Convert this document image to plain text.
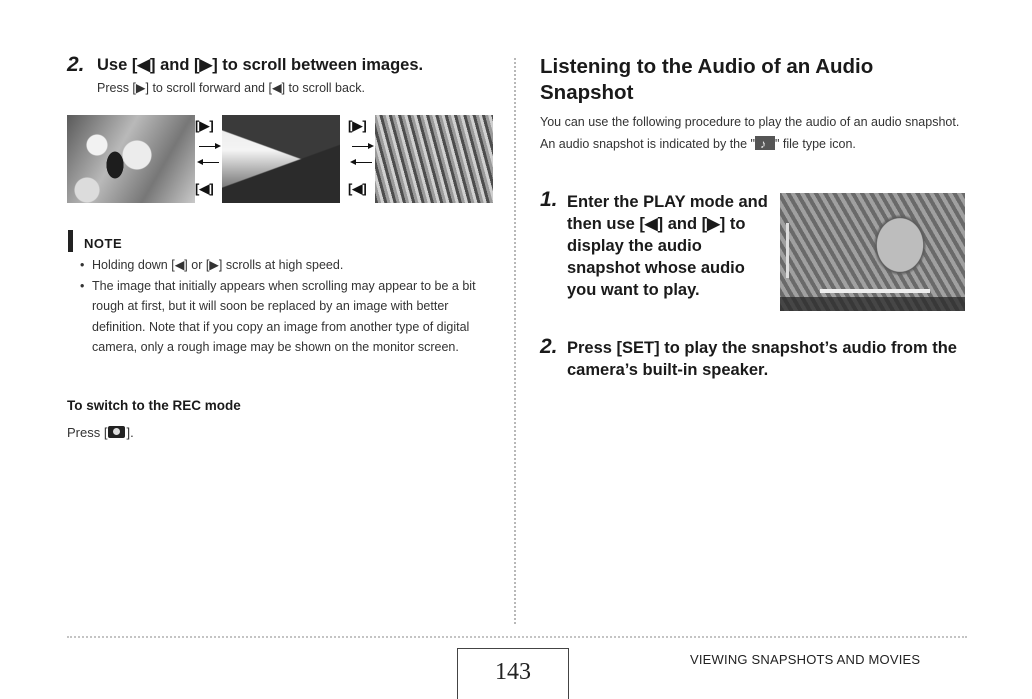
2. Use [◀] and [▶] to scroll between images.
Press [▶] to scroll forward and [◀] to scroll back.
[▶]
[◀]
[▶]
[◀]
NOTE
• Holding down [◀] or [▶] scrolls at high speed.
• The image that initially appears when scrolling may appear to be a bit rough at first, but it will soon be replaced by an image with better definition. Note that if you copy an image from another type of digital camera, only a rough image may be shown on the monitor screen.
To switch to the REC mode
Press [ ].
Listening to the Audio of an Audio Snapshot
You can use the following procedure to play the audio of an audio snapshot. An audio snapshot is indicated by the "♪ " file type icon.
1. Enter the PLAY mode and then use [◀] and [▶] to display the audio snapshot whose audio you want to play.
2. Press [SET] to play the snapshot’s audio from the camera’s built-in speaker.
143	VIEWING SNAPSHOTS AND MOVIES
